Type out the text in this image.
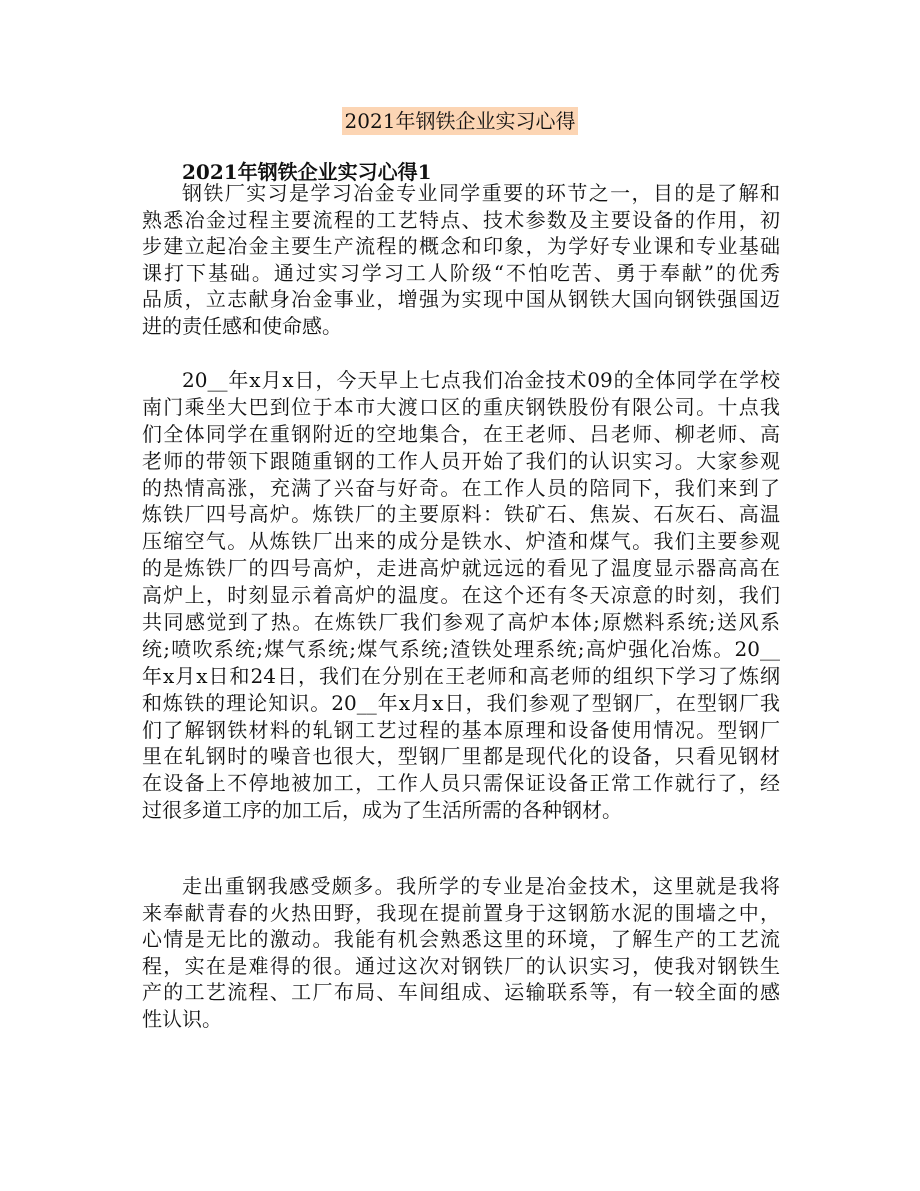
2021年钢铁企业实习心得
2021年钢铁企业实习心得1
钢铁厂实习是学习冶金专业同学重要的环节之一，目的是了解和
熟悉冶金过程主要流程的工艺特点、技术参数及主要设备的作用，初
步建立起冶金主要生产流程的概念和印象，为学好专业课和专业基础
课打下基础。通过实习学习工人阶级“不怕吃苦、勇于奉献”的优秀
品质，立志献身冶金事业，增强为实现中国从钢铁大国向钢铁强国迈
进的责任感和使命感。
20__年x月x日，今天早上七点我们冶金技术09的全体同学在学校
南门乘坐大巴到位于本市大渡口区的重庆钢铁股份有限公司。十点我
们全体同学在重钢附近的空地集合，在王老师、吕老师、柳老师、高
老师的带领下跟随重钢的工作人员开始了我们的认识实习。大家参观
的热情高涨，充满了兴奋与好奇。在工作人员的陪同下，我们来到了
炼铁厂四号高炉。炼铁厂的主要原料：铁矿石、焦炭、石灰石、高温
压缩空气。从炼铁厂出来的成分是铁水、炉渣和煤气。我们主要参观
的是炼铁厂的四号高炉，走进高炉就远远的看见了温度显示器高高在
高炉上，时刻显示着高炉的温度。在这个还有冬天凉意的时刻，我们
共同感觉到了热。在炼铁厂我们参观了高炉本体;原燃料系统;送风系
统;喷吹系统;煤气系统;煤气系统;渣铁处理系统;高炉强化冶炼。20__
年x月x日和24日，我们在分别在王老师和高老师的组织下学习了炼纲
和炼铁的理论知识。20__年x月x日，我们参观了型钢厂，在型钢厂我
们了解钢铁材料的轧钢工艺过程的基本原理和设备使用情况。型钢厂
里在轧钢时的噪音也很大，型钢厂里都是现代化的设备，只看见钢材
在设备上不停地被加工，工作人员只需保证设备正常工作就行了，经
过很多道工序的加工后，成为了生活所需的各种钢材。
走出重钢我感受颇多。我所学的专业是冶金技术，这里就是我将
来奉献青春的火热田野，我现在提前置身于这钢筋水泥的围墙之中，
心情是无比的激动。我能有机会熟悉这里的环境，了解生产的工艺流
程，实在是难得的很。通过这次对钢铁厂的认识实习，使我对钢铁生
产的工艺流程、工厂布局、车间组成、运输联系等，有一较全面的感
性认识。
